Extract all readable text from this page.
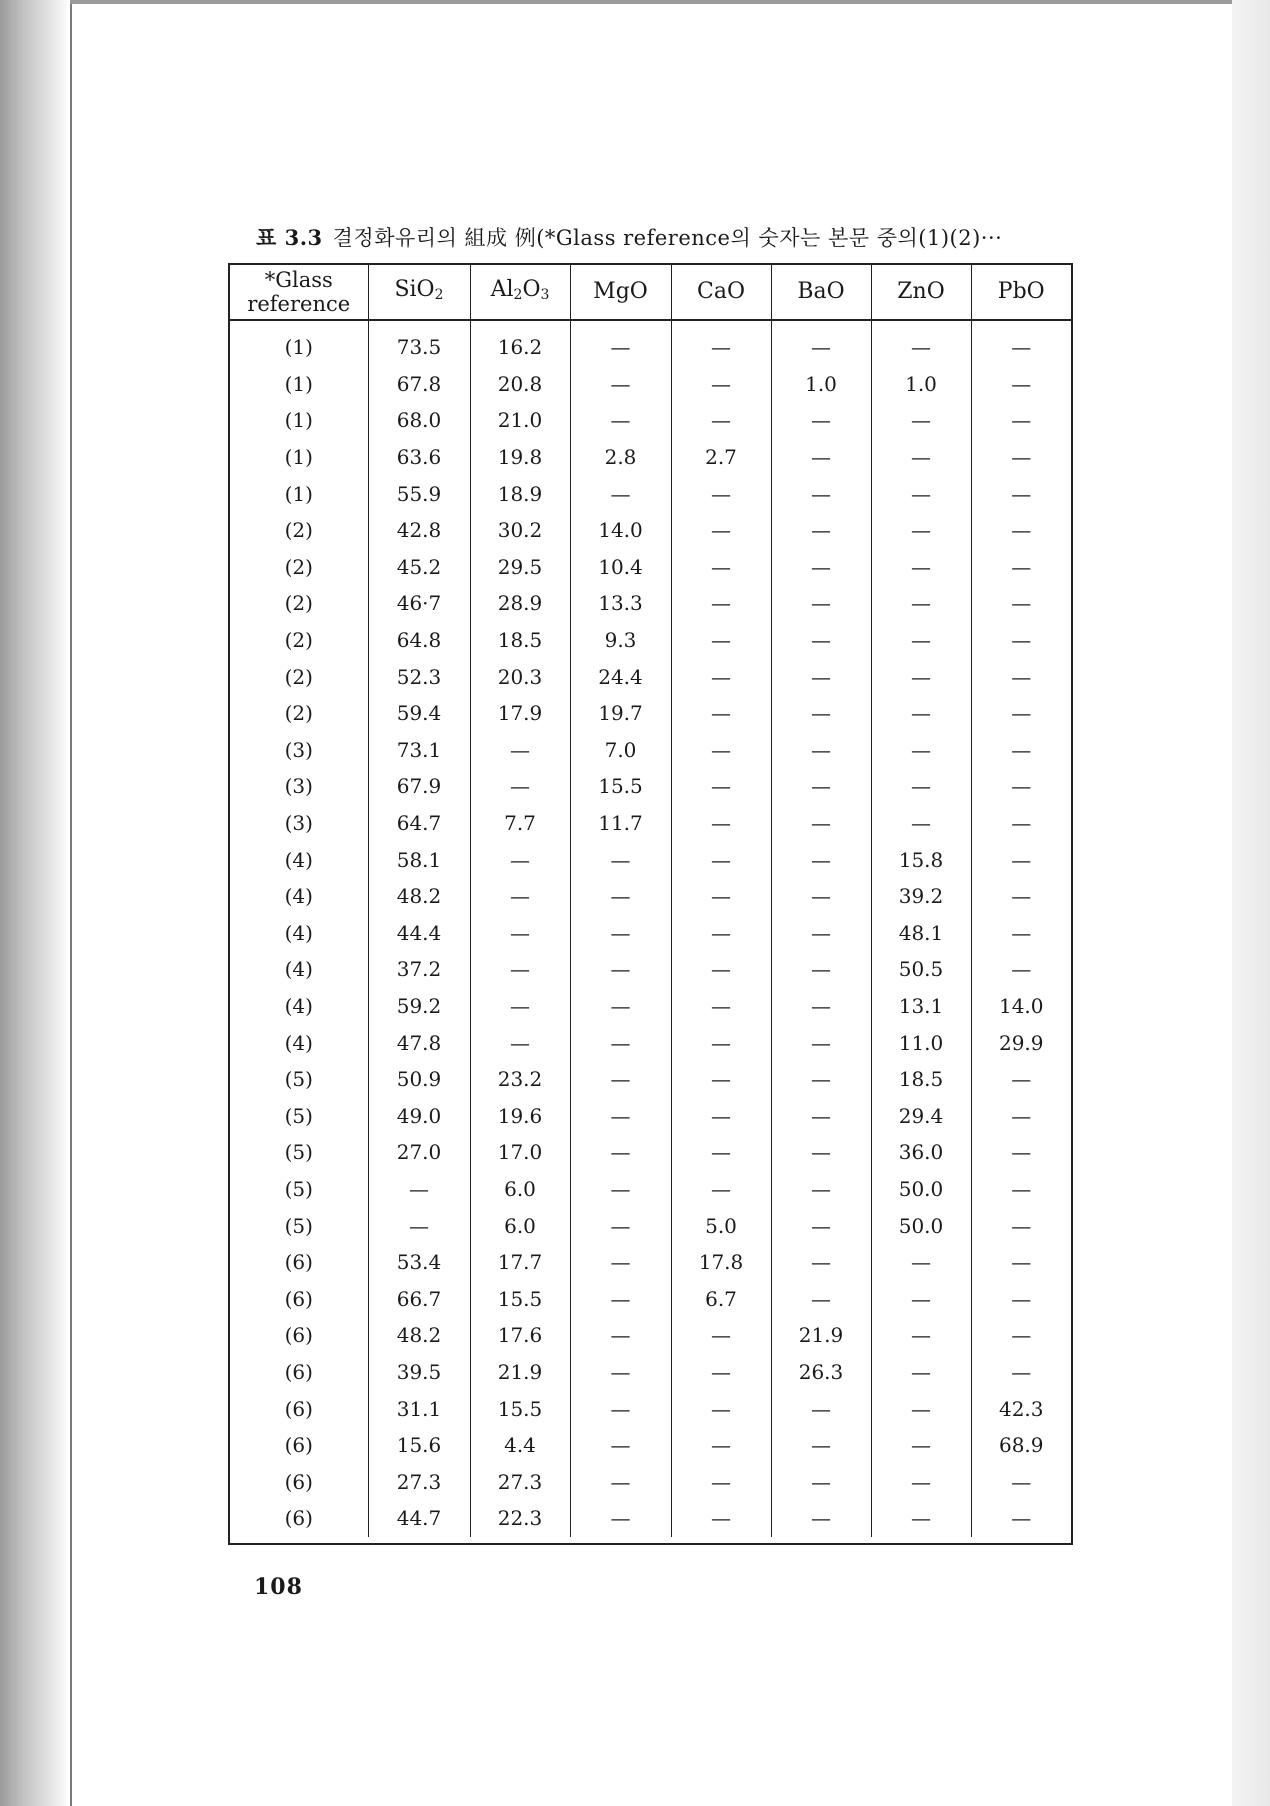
표 3.3 결정화유리의 組成 例(*Glass reference의 숫자는 본문 중의(1)(2)···
*Glass reference	SiO$_2$	$Al_2O_3$	MgO	CaO	BaO	ZnO	PbO
(1)	73.5	16.2	—	—	—	—	—
(1)	67.8	20.8	—	—	1.0	1.0	—
(1)	68.0	21.0	—	—	—	—	—
(1)	63.6	19.8	2.8	2.7	—	—	—
(1)	55.9	18.9	—	—	—	—	—
(2)	42.8	30.2	14.0	—	—	—	—
(2)	45.2	29.5	10.4	—	—	—	—
(2)	46·7	28.9	13.3	—	—	—	—
(2)	64.8	18.5	9.3	—	—	—	—
(2)	52.3	20.3	24.4	—	—	—	—
(2)	59.4	17.9	19.7	—	—	—	—
(3)	73.1	—	7.0	—	—	—	—
(3)	67.9	—	15.5	—	—	—	—
(3)	64.7	7.7	11.7	—	—	—	—
(4)	58.1	—	—	—	—	15.8	—
(4)	48.2	—	—	—	—	39.2	—
(4)	44.4	—	—	—	—	48.1	—
(4)	37.2	—	—	—	—	50.5	—
(4)	59.2	—	—	—	—	13.1	14.0
(4)	47.8	—	—	—	—	11.0	29.9
(5)	50.9	23.2	—	—	—	18.5	—
(5)	49.0	19.6	—	—	—	29.4	—
(5)	27.0	17.0	—	—	—	36.0	—
(5)	—	6.0	—	—	—	50.0	—
(5)	—	6.0	—	5.0	—	50.0	—
(6)	53.4	17.7	—	17.8	—	—	—
(6)	66.7	15.5	—	6.7	—	—	—
(6)	48.2	17.6	—	—	21.9	—	—
(6)	39.5	21.9	—	—	26.3	—	—
(6)	31.1	15.5	—	—	—	—	42.3
(6)	15.6	4.4	—	—	—	—	68.9
(6)	27.3	27.3	—	—	—	—	—
(6)	44.7	22.3	—	—	—	—	—
108
